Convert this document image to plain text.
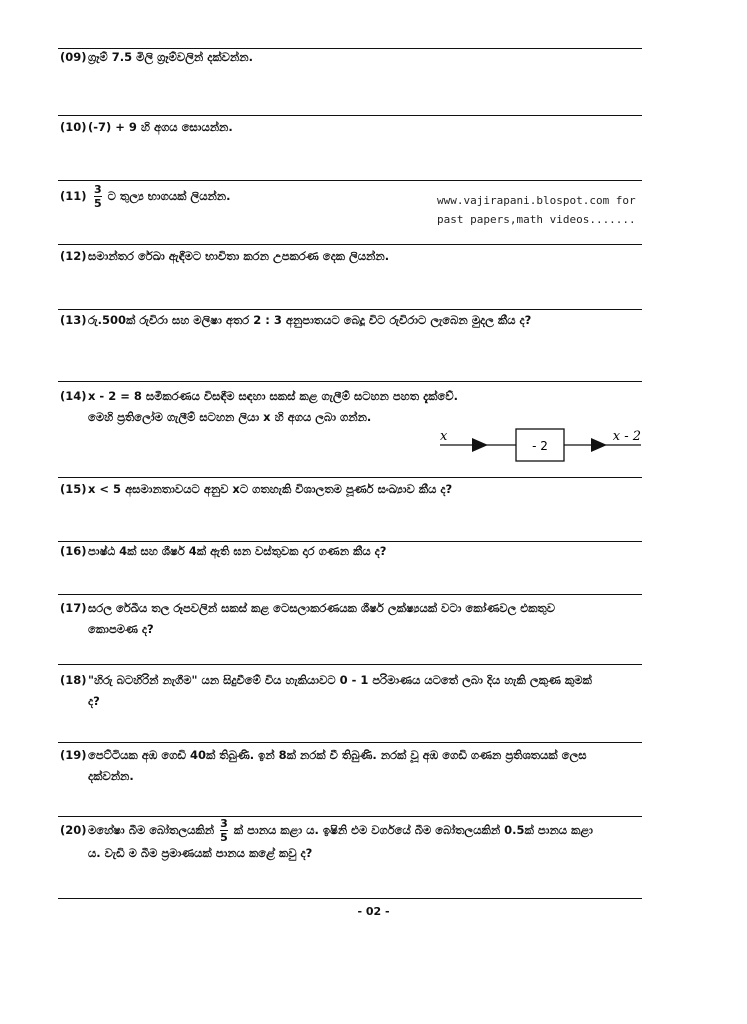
(09)ග්‍රෑම් 7.5 මිලි ග්‍රෑම්වලින් දක්වන්න.
(10)(-7) + 9 හි අගය සොයන්න.
$(11) \frac{3}{5}$ ට තුල්‍ය භාගයක් ලියන්න.	www.vajirapani.blospot.com for
past papers,math videos.......
(12)සමාන්තර රේඛා ඇඳීමට භාවිතා කරන උපකරණ දෙක ලියන්න.
(13)රු.500ක් රුවිරා සහ මලිෂා අතර 2 : 3 අනුපාතයට බෙදූ විට රුවිරාට ලැබෙන මුදල කීය ද?
(14)x - 2 = 8 සමීකරණය විසඳීම සඳහා සකස් කළ ගැලීම් සටහන පහත දැක්වේ.
මෙහි ප්‍රතිලෝම ගැලීම් සටහන ලියා x හි අගය ලබා ගන්න.
x
- 2
x - 2
(15)x < 5 අසමානතාවයට අනුව xට ගතහැකි විශාලතම පූර්ණ සංඛ්‍යාව කීය ද?
(16)පාෂ්ඨ 4ක් සහ ශීර්ෂ 4ක් ඇති ඝන වස්තුවක දාර ගණන කීය ද?
(17)සරල රේඛීය තල රූපවලින් සකස් කළ ටෙසලාකරණයක ශීර්ෂ ලක්ෂ්‍යයක් වටා කෝණවල එකතුව
කොපමණ ද?
(18)"හිරු බටහිරින් නැගීම" යන සිදුවීමේ විය හැකියාවට 0 - 1 පරිමාණය යටතේ ලබා දිය හැකි ලකුණ කුමක්
ද?
(19)පෙට්ටියක අඹ ගෙඩි 40ක් තිබුණි. ඉන් 8ක් නරක් වී තිබුණි. නරක් වූ අඹ ගෙඩි ගණන ප්‍රතිශතයක් ලෙස
දක්වන්න.
(20)මහේෂා බීම බෝතලයකින් $\frac{3}{5}$ ක් පානය කළා ය. ඉෂිනි එම වර්ගයේ බීම බෝතලයකින් 0.5ක් පානය කළා
ය. වැඩි ම බීම ප්‍රමාණයක් පානය කළේ කවු ද?
- 02 -
